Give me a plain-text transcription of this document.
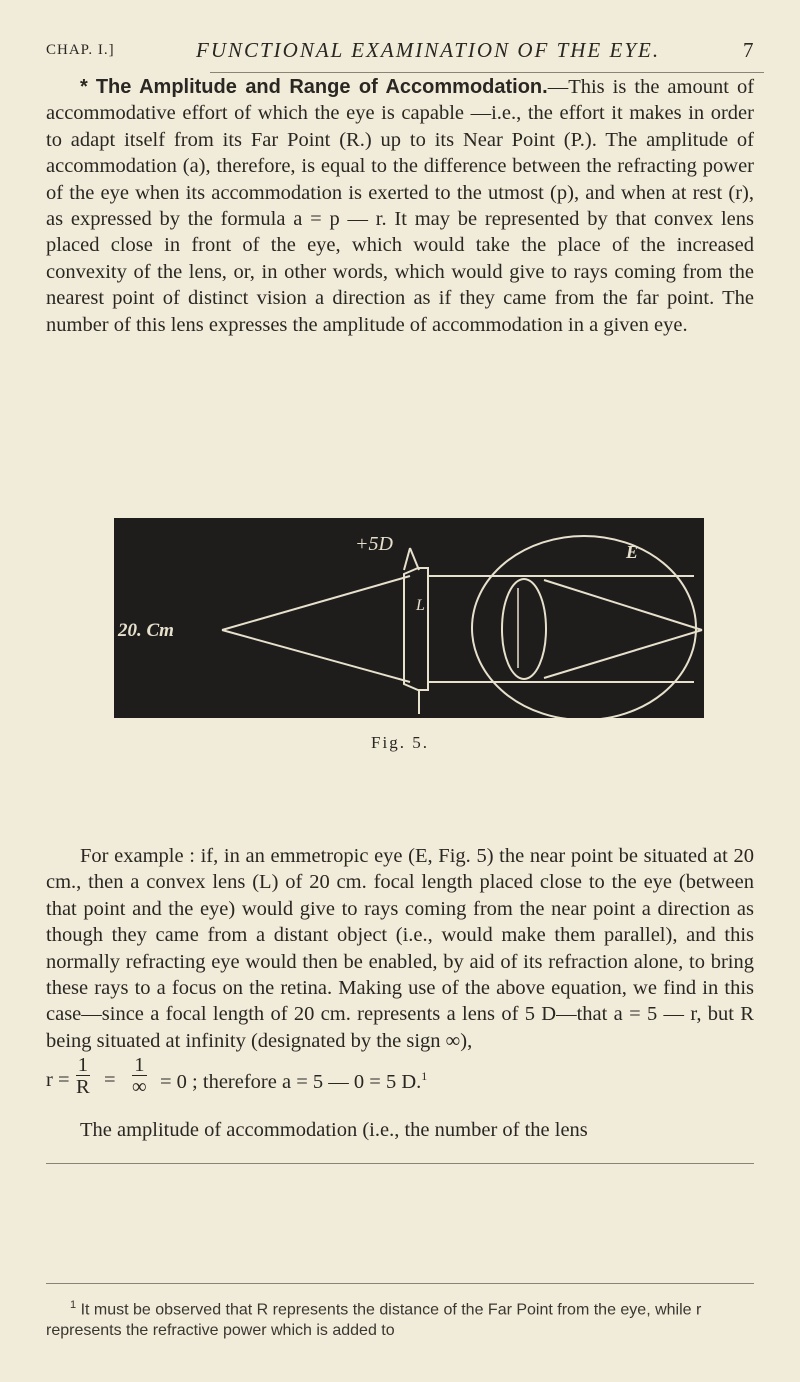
CHAP. I.]	FUNCTIONAL EXAMINATION OF THE EYE.	7
* The Amplitude and Range of Accommodation.—This is the amount of accommodative effort of which the eye is capable —i.e., the effort it makes in order to adapt itself from its Far Point (R.) up to its Near Point (P.). The amplitude of accommodation (a), therefore, is equal to the difference between the refracting power of the eye when its accommodation is exerted to the utmost (p), and when at rest (r), as expressed by the formula a = p — r. It may be represented by that convex lens placed close in front of the eye, which would take the place of the increased convexity of the lens, or, in other words, which would give to rays coming from the nearest point of distinct vision a direction as if they came from the far point. The number of this lens expresses the amplitude of accommodation in a given eye.
+5D
20. Cm
L
E
Fig. 5.
For example : if, in an emmetropic eye (E, Fig. 5) the near point be situated at 20 cm., then a convex lens (L) of 20 cm. focal length placed close to the eye (between that point and the eye) would give to rays coming from the near point a direction as though they came from a distant object (i.e., would make them parallel), and this normally refracting eye would then be enabled, by aid of its refraction alone, to bring these rays to a focus on the retina. Making use of the above equation, we find in this case—since a focal length of 20 cm. represents a lens of 5 D—that a = 5 — r, but R being situated at infinity (designated by the sign ∞),
$r = \frac{1}{R}$ =
1
∞ = 0 ; therefore a = 5 — 0 = 5 D.$^1$
The amplitude of accommodation (i.e., the number of the lens
$^1$ It must be observed that R represents the distance of the Far Point from the eye, while r represents the refractive power which is added to
